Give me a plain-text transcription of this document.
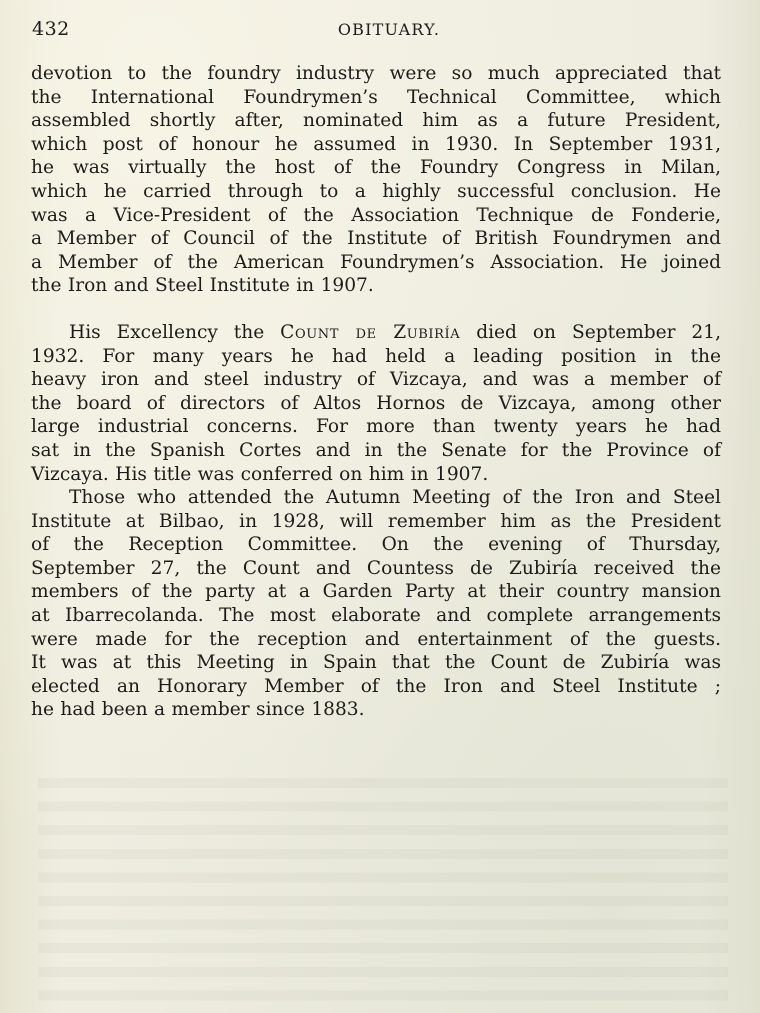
432	OBITUARY.
devotion to the foundry industry were so much appreciated that
the International Foundrymen’s Technical Committee, which
assembled shortly after, nominated him as a future President,
which post of honour he assumed in 1930. In September 1931,
he was virtually the host of the Foundry Congress in Milan,
which he carried through to a highly successful conclusion. He
was a Vice-President of the Association Technique de Fonderie,
a Member of Council of the Institute of British Foundrymen and
a Member of the American Foundrymen’s Association. He joined
the Iron and Steel Institute in 1907.
His Excellency the Count de Zubiría died on September 21,
1932. For many years he had held a leading position in the
heavy iron and steel industry of Vizcaya, and was a member of
the board of directors of Altos Hornos de Vizcaya, among other
large industrial concerns. For more than twenty years he had
sat in the Spanish Cortes and in the Senate for the Province of
Vizcaya. His title was conferred on him in 1907.
Those who attended the Autumn Meeting of the Iron and Steel
Institute at Bilbao, in 1928, will remember him as the President
of the Reception Committee. On the evening of Thursday,
September 27, the Count and Countess de Zubiría received the
members of the party at a Garden Party at their country mansion
at Ibarrecolanda. The most elaborate and complete arrangements
were made for the reception and entertainment of the guests.
It was at this Meeting in Spain that the Count de Zubiría was
elected an Honorary Member of the Iron and Steel Institute ;
he had been a member since 1883.
